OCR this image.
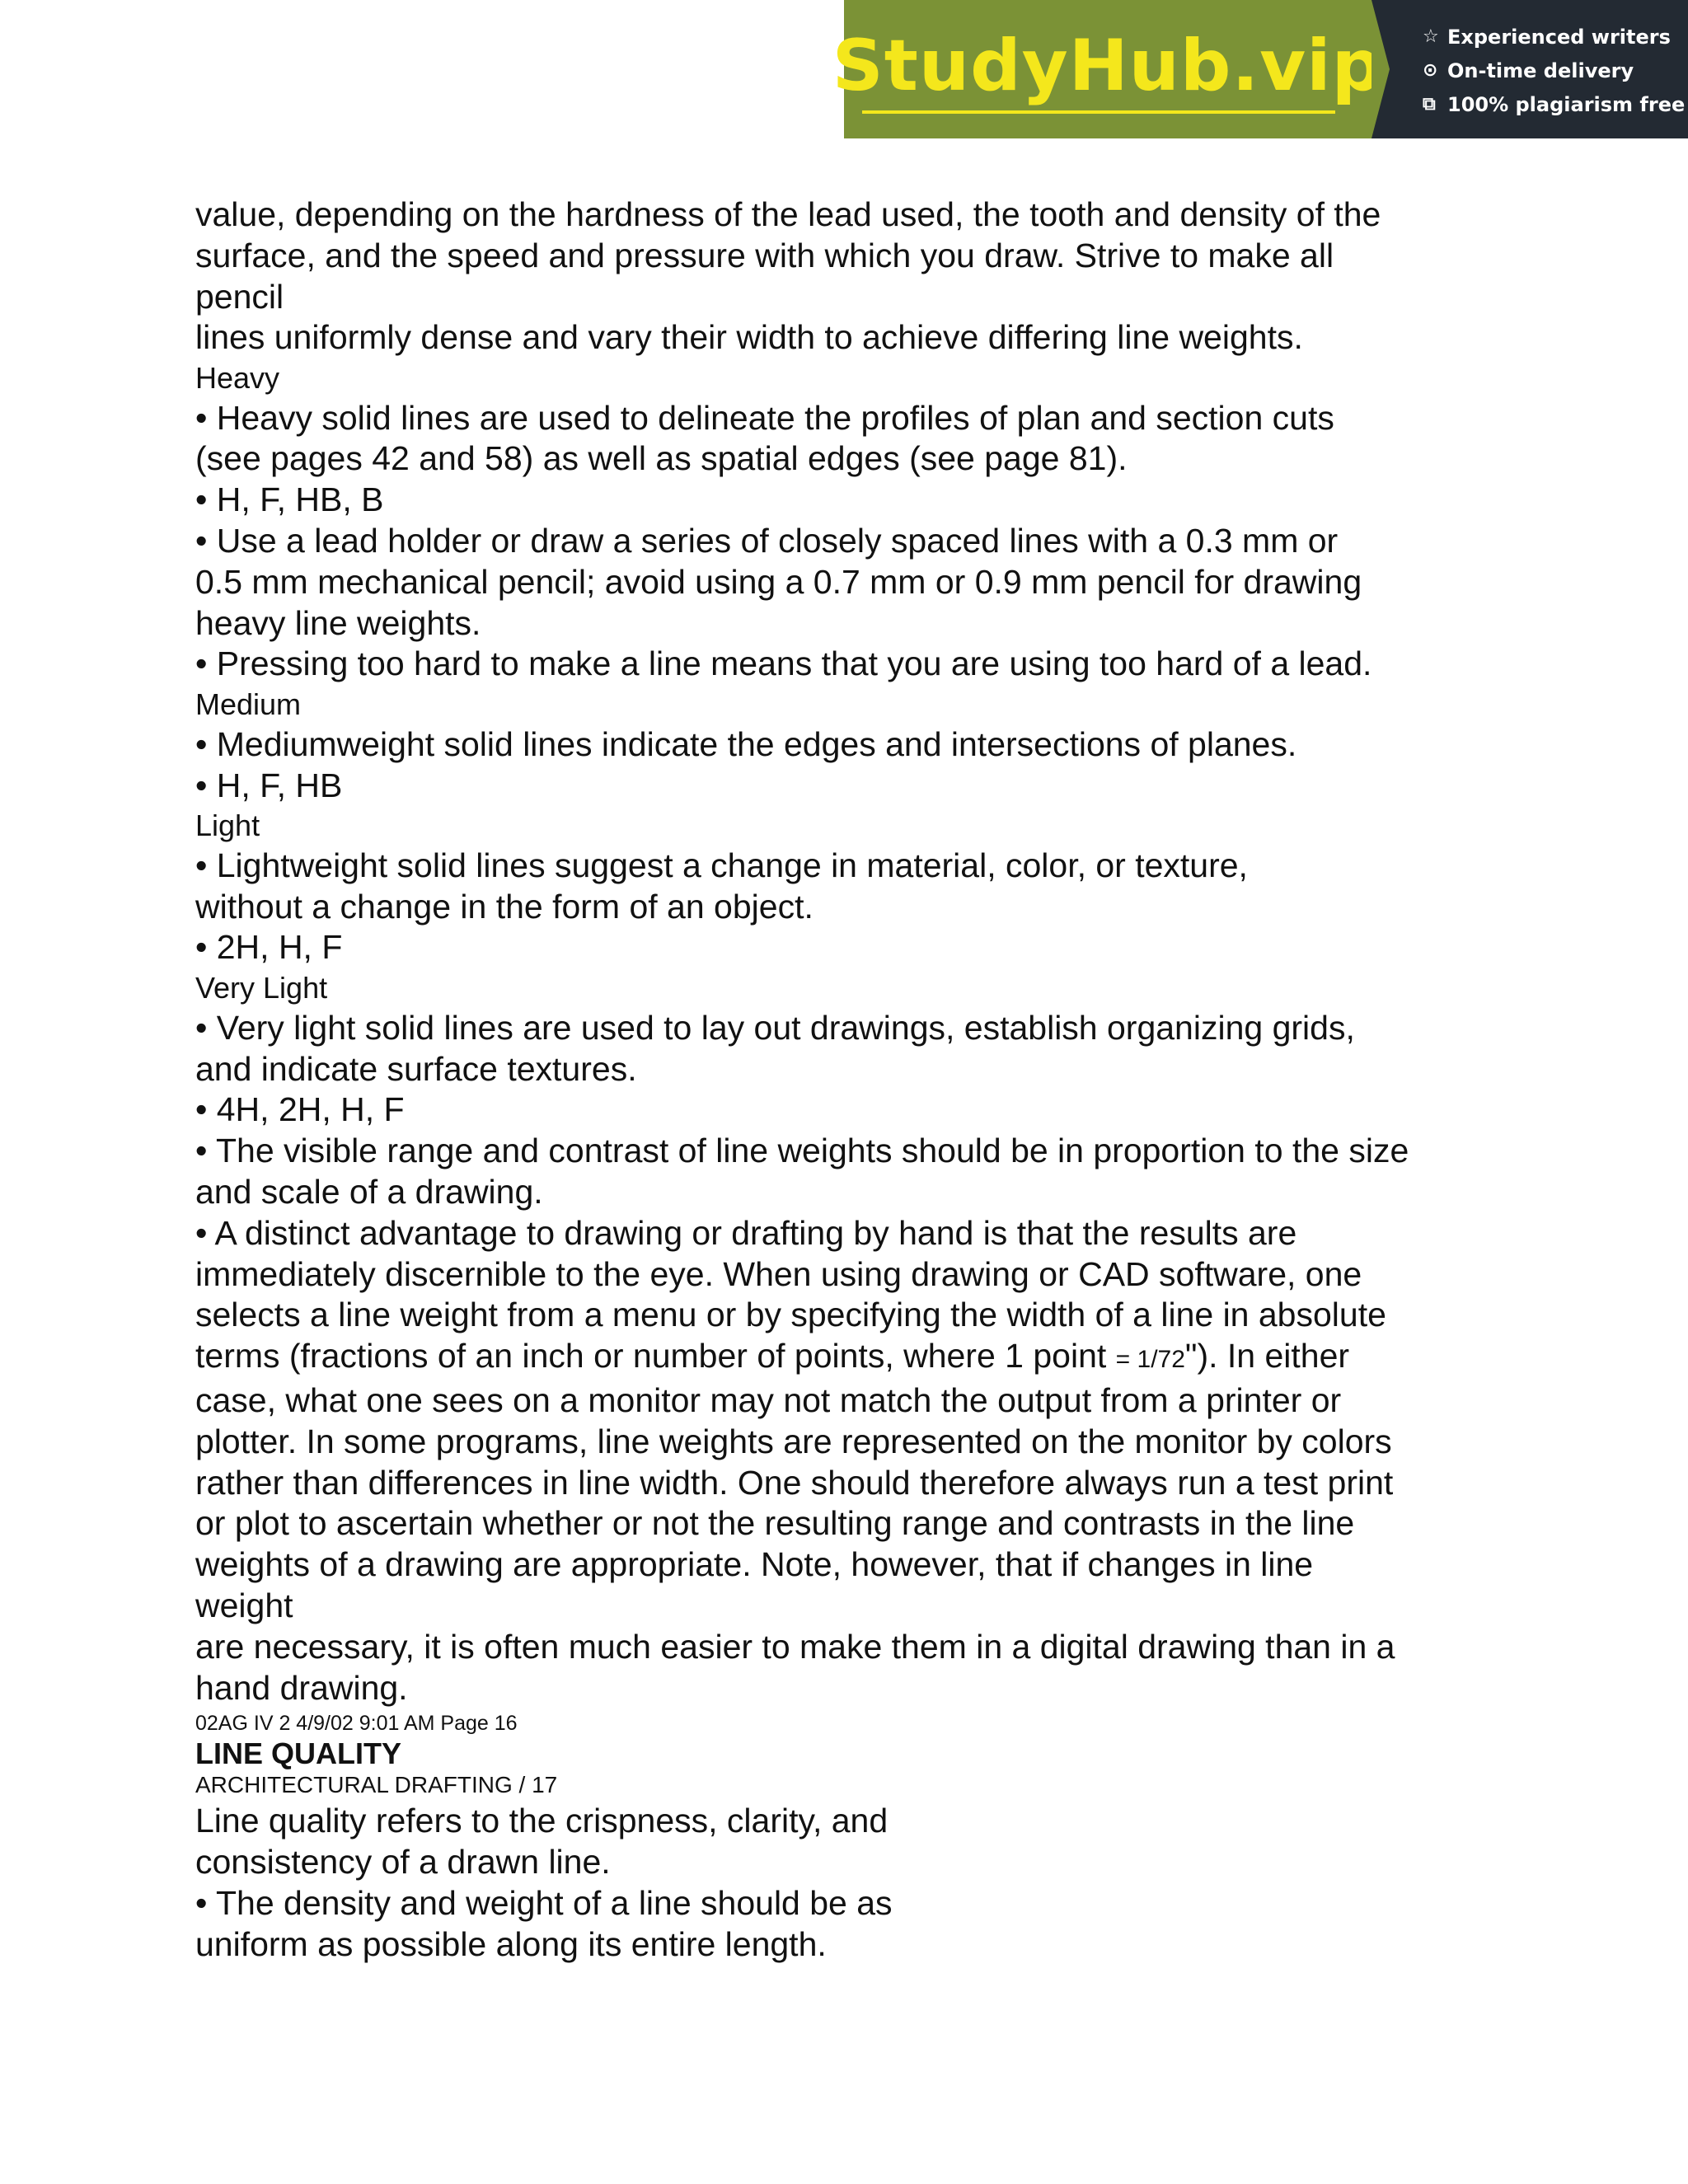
StudyHub.vip ☆ Experienced writers
⊙ On-time delivery
⧉ 100% plagiarism free
value, depending on the hardness of the lead used, the tooth and density of the
surface, and the speed and pressure with which you draw. Strive to make all
pencil
lines uniformly dense and vary their width to achieve differing line weights.
Heavy
• Heavy solid lines are used to delineate the profiles of plan and section cuts
(see pages 42 and 58) as well as spatial edges (see page 81).
• H, F, HB, B
• Use a lead holder or draw a series of closely spaced lines with a 0.3 mm or
0.5 mm mechanical pencil; avoid using a 0.7 mm or 0.9 mm pencil for drawing
heavy line weights.
• Pressing too hard to make a line means that you are using too hard of a lead.
Medium
• Mediumweight solid lines indicate the edges and intersections of planes.
• H, F, HB
Light
• Lightweight solid lines suggest a change in material, color, or texture,
without a change in the form of an object.
• 2H, H, F
Very Light
• Very light solid lines are used to lay out drawings, establish organizing grids,
and indicate surface textures.
• 4H, 2H, H, F
• The visible range and contrast of line weights should be in proportion to the size
and scale of a drawing.
• A distinct advantage to drawing or drafting by hand is that the results are
immediately discernible to the eye. When using drawing or CAD software, one
selects a line weight from a menu or by specifying the width of a line in absolute
terms (fractions of an inch or number of points, where 1 point = 1/72"). In either
case, what one sees on a monitor may not match the output from a printer or
plotter. In some programs, line weights are represented on the monitor by colors
rather than differences in line width. One should therefore always run a test print
or plot to ascertain whether or not the resulting range and contrasts in the line
weights of a drawing are appropriate. Note, however, that if changes in line
weight
are necessary, it is often much easier to make them in a digital drawing than in a
hand drawing.
02AG IV 2 4/9/02 9:01 AM Page 16
LINE QUALITY
ARCHITECTURAL DRAFTING / 17
Line quality refers to the crispness, clarity, and
consistency of a drawn line.
• The density and weight of a line should be as
uniform as possible along its entire length.
